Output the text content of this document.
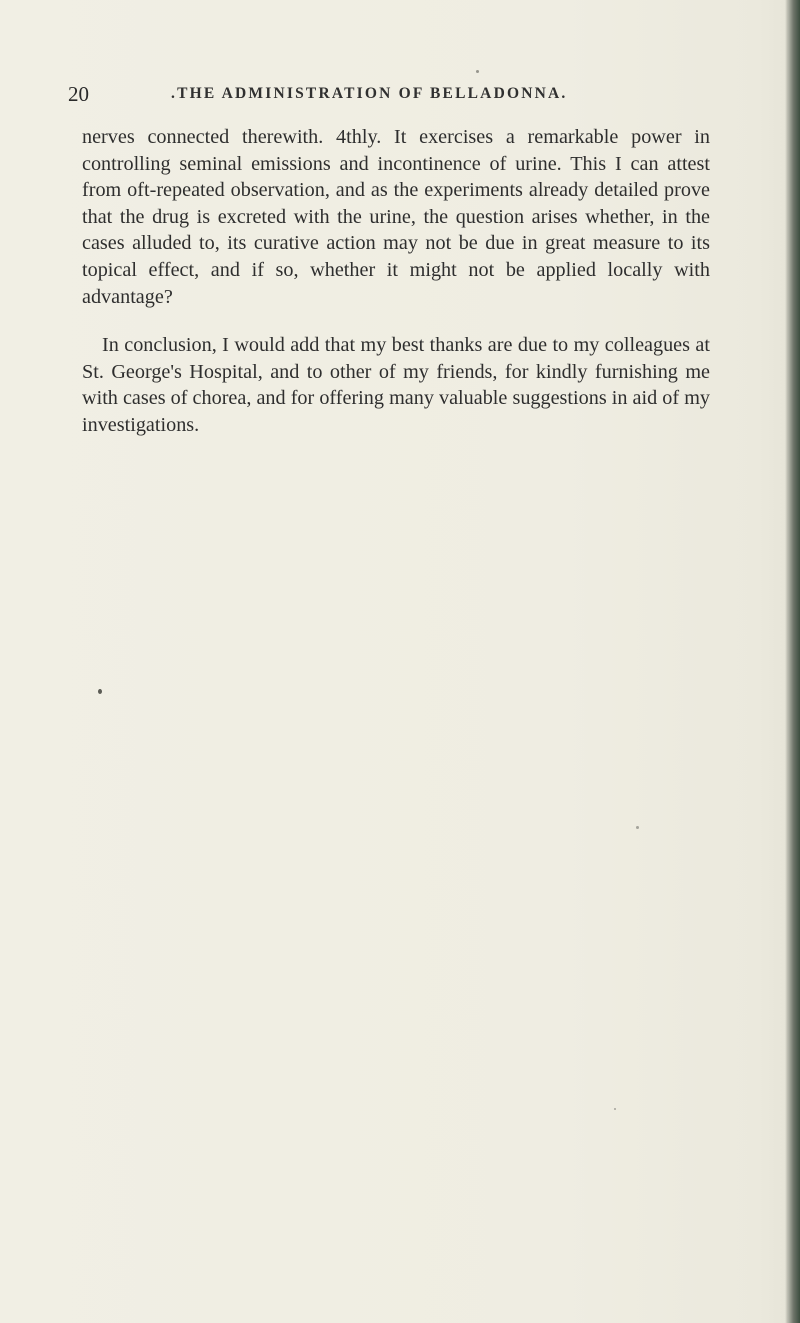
20	.THE ADMINISTRATION OF BELLADONNA.

nerves connected therewith. 4thly. It exercises a remarkable power in controlling seminal emissions and incontinence of urine. This I can attest from oft-repeated observation, and as the experiments already detailed prove that the drug is excreted with the urine, the question arises whether, in the cases alluded to, its curative action may not be due in great measure to its topical effect, and if so, whether it might not be applied locally with advantage?

In conclusion, I would add that my best thanks are due to my colleagues at St. George's Hospital, and to other of my friends, for kindly furnishing me with cases of chorea, and for offering many valuable suggestions in aid of my investigations.
